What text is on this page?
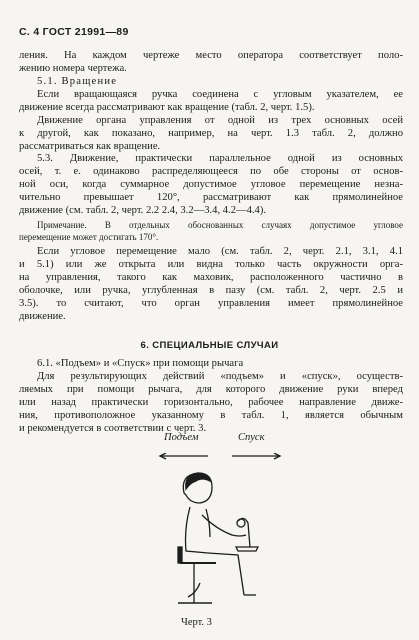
С. 4 ГОСТ 21991—89
ления. На каждом чертеже место оператора соответствует поло-
жению номера чертежа.
5.1. Вращение
Если вращающаяся ручка соединена с угловым указателем, ее
движение всегда рассматривают как вращение (табл. 2, черт. 1.5).
Движение органа управления от одной из трех основных осей
к другой, как показано, например, на черт. 1.3 табл. 2, должно
рассматриваться как вращение.
5.3. Движение, практически параллельное одной из основных
осей, т. е. одинаково распределяющееся по обе стороны от основ-
ной оси, когда суммарное допустимое угловое перемещение незна-
чительно превышает 120°, рассматривают как прямолинейное
движение (см. табл. 2, черт. 2.2 2.4, 3.2—3.4, 4.2—4.4).
Примечание. В отдельных обоснованных случаях допустимое угловое
перемещение может достигать 170°.
Если угловое перемещение мало (см. табл. 2, черт. 2.1, 3.1, 4.1
и 5.1) или же открыта или видна только часть окружности орга-
на управления, такого как маховик, расположенного частично в
оболочке, или ручка, углубленная в пазу (см. табл. 2, черт. 2.5 и
3.5). то считают, что орган управления имеет прямолинейное
движение.
6. СПЕЦИАЛЬНЫЕ СЛУЧАИ
6.1. «Подъем» и «Спуск» при помощи рычага
Для результирующих действий «подъем» и «спуск», осуществ-
ляемых при помощи рычага, для которого движение руки вперед
или назад практически горизонтально, рабочее направление движе-
ния, противоположное указанному в табл. 1, является обычным
и рекомендуется в соответствии с черт. 3.
Подъем	Спуск
Черт. 3
